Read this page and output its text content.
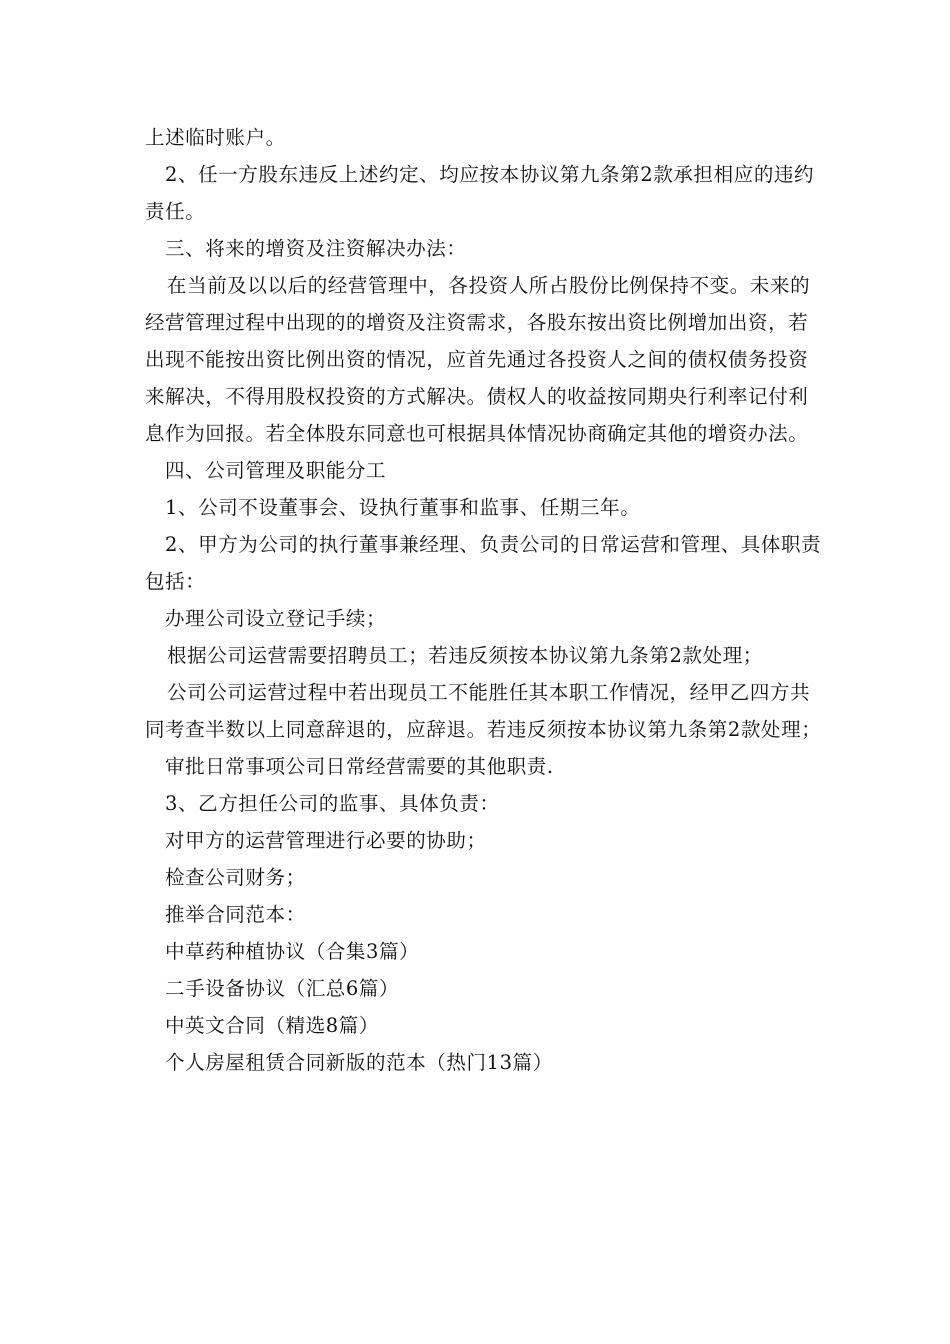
上述临时账户。

2、任一方股东违反上述约定、均应按本协议第九条第2款承担相应的违约责任。

三、将来的增资及注资解决办法：

在当前及以以后的经营管理中，各投资人所占股份比例保持不变。未来的经营管理过程中出现的的增资及注资需求，各股东按出资比例增加出资，若出现不能按出资比例出资的情况，应首先通过各投资人之间的债权债务投资来解决，不得用股权投资的方式解决。债权人的收益按同期央行利率记付利息作为回报。若全体股东同意也可根据具体情况协商确定其他的增资办法。

四、公司管理及职能分工

1、公司不设董事会、设执行董事和监事、任期三年。

2、甲方为公司的执行董事兼经理、负责公司的日常运营和管理、具体职责包括：

办理公司设立登记手续；

根据公司运营需要招聘员工；若违反须按本协议第九条第2款处理；

公司公司运营过程中若出现员工不能胜任其本职工作情况，经甲乙四方共同考查半数以上同意辞退的，应辞退。若违反须按本协议第九条第2款处理；

审批日常事项公司日常经营需要的其他职责.

3、乙方担任公司的监事、具体负责：

对甲方的运营管理进行必要的协助；

检查公司财务；

推举合同范本：

中草药种植协议（合集3篇）

二手设备协议（汇总6篇）

中英文合同（精选8篇）

个人房屋租赁合同新版的范本（热门13篇）
